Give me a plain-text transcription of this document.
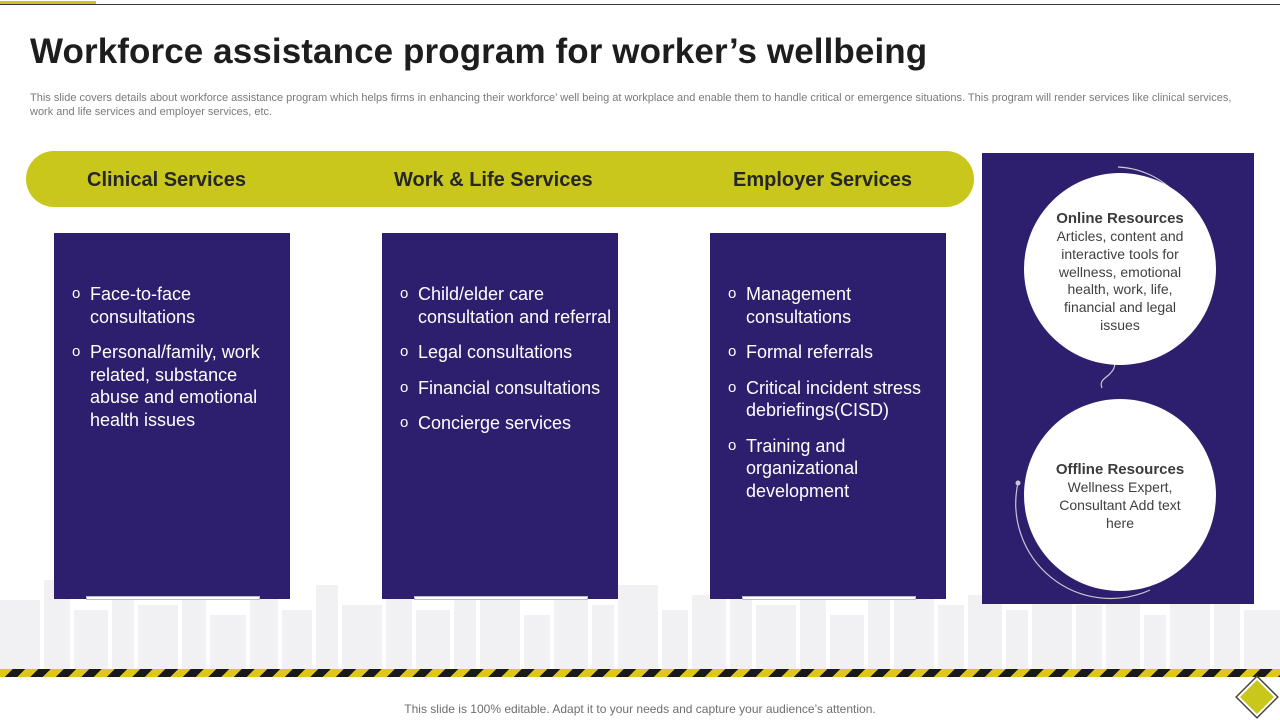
Workforce assistance program for worker’s wellbeing

This slide covers details about workforce assistance program which helps firms in enhancing their workforce’ well being at workplace and enable them to handle critical or emergence situations. This program will render services like clinical services, work and life services and employer services, etc.

Clinical Services	Work & Life Services	Employer Services
o Face-to-face consultations
o Personal/family, work related, substance abuse and emotional health issues
o Child/elder care consultation and referral
o Legal consultations
o Financial consultations
o Concierge services
o Management consultations
o Formal referrals
o Critical incident stress debriefings(CISD)
o Training and organizational development
Online Resources
Articles, content and interactive tools for wellness, emotional health, work, life, financial and legal issues
Offline Resources
Wellness Expert, Consultant Add text here

This slide is 100% editable. Adapt it to your needs and capture your audience’s attention.
